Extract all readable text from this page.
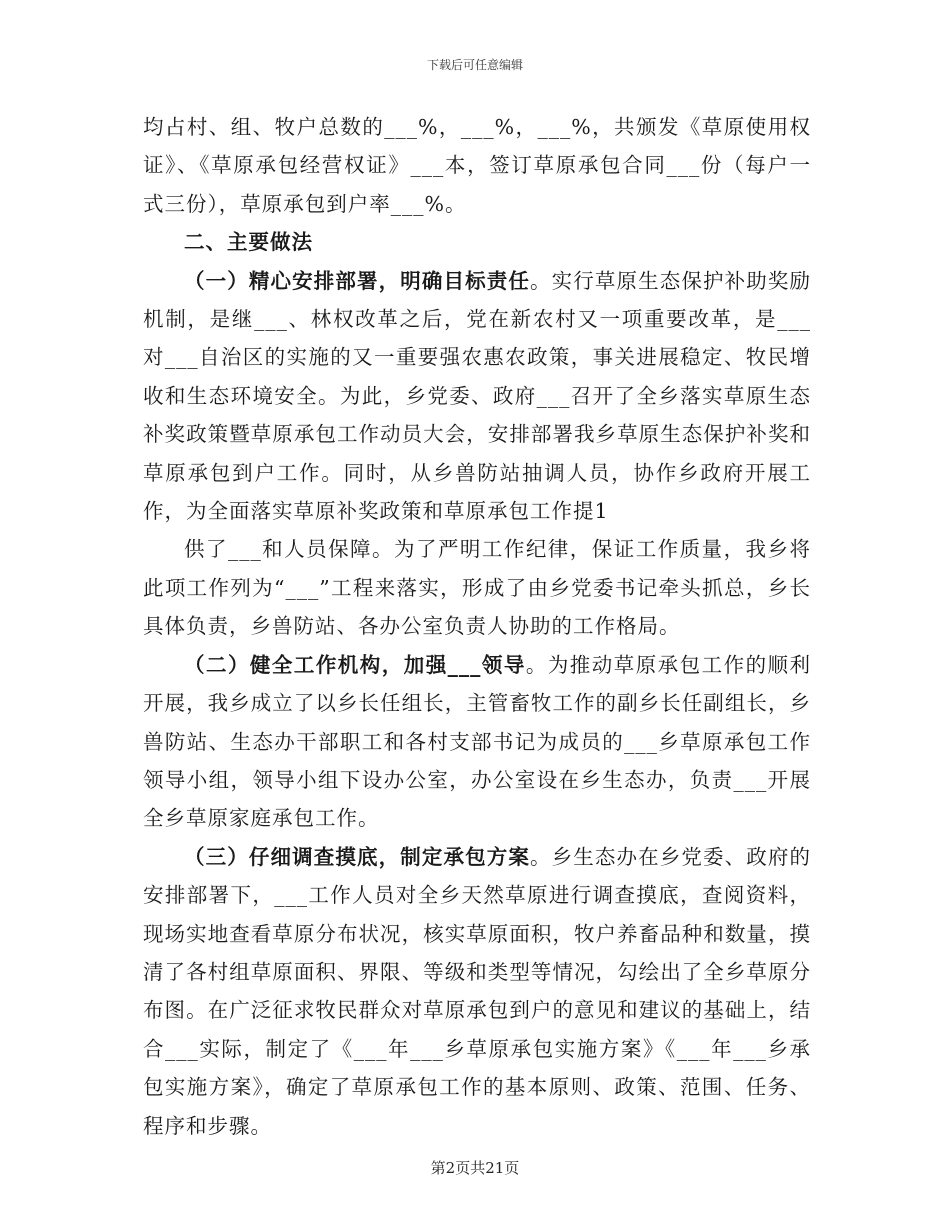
下载后可任意编辑

均占村、组、牧户总数的___%，___%，___%，共颁发《草原使用权证》、《草原承包经营权证》___本，签订草原承包合同___份（每户一式三份），草原承包到户率___%。

二、主要做法

（一）精心安排部署，明确目标责任。实行草原生态保护补助奖励机制，是继___、林权改革之后，党在新农村又一项重要改革，是___对___自治区的实施的又一重要强农惠农政策，事关进展稳定、牧民增收和生态环境安全。为此，乡党委、政府___召开了全乡落实草原生态补奖政策暨草原承包工作动员大会，安排部署我乡草原生态保护补奖和草原承包到户工作。同时，从乡兽防站抽调人员，协作乡政府开展工作，为全面落实草原补奖政策和草原承包工作提1

供了___和人员保障。为了严明工作纪律，保证工作质量，我乡将此项工作列为“___”工程来落实，形成了由乡党委书记牵头抓总，乡长具体负责，乡兽防站、各办公室负责人协助的工作格局。

（二）健全工作机构，加强___领导。为推动草原承包工作的顺利开展，我乡成立了以乡长任组长，主管畜牧工作的副乡长任副组长，乡兽防站、生态办干部职工和各村支部书记为成员的___乡草原承包工作领导小组，领导小组下设办公室，办公室设在乡生态办，负责___开展全乡草原家庭承包工作。

（三）仔细调查摸底，制定承包方案。乡生态办在乡党委、政府的安排部署下，___工作人员对全乡天然草原进行调查摸底，查阅资料，现场实地查看草原分布状况，核实草原面积，牧户养畜品种和数量，摸清了各村组草原面积、界限、等级和类型等情况，勾绘出了全乡草原分布图。在广泛征求牧民群众对草原承包到户的意见和建议的基础上，结合___实际，制定了《___年___乡草原承包实施方案》《___年___乡承包实施方案》，确定了草原承包工作的基本原则、政策、范围、任务、程序和步骤。

第2页共21页
